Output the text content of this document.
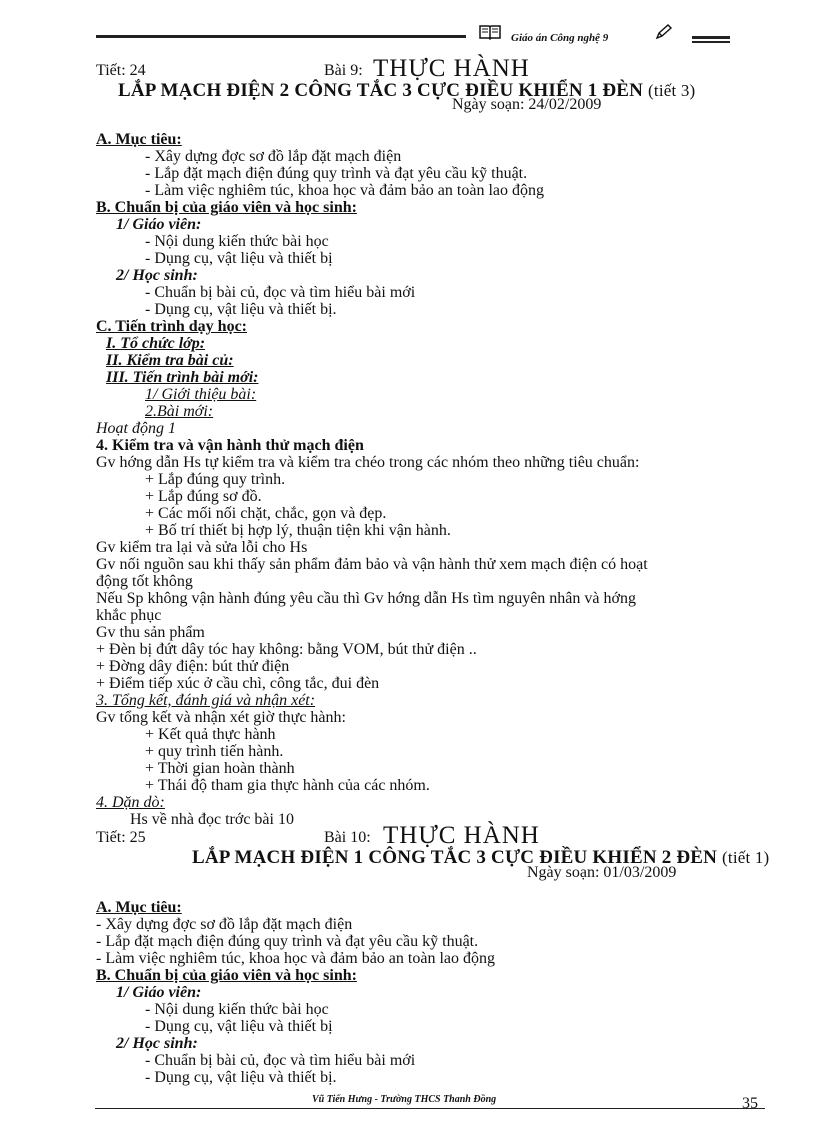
Giáo án Công nghệ 9
Tiết: 24	Bài 9: THỰC HÀNH
LẮP MẠCH ĐIỆN 2 CÔNG TẮC 3 CỰC ĐIỀU KHIỂN 1 ĐÈN (tiết 3)
Ngày soạn: 24/02/2009
A. Mục tiêu:
- Xây dựng đợc sơ đồ lắp đặt mạch điện
- Lắp đặt mạch điện đúng quy trình và đạt yêu cầu kỹ thuật.
- Làm việc nghiêm túc, khoa học và đảm bảo an toàn lao động
B. Chuẩn bị của giáo viên và học sinh:
1/ Giáo viên:
- Nội dung kiến thức bài học
- Dụng cụ, vật liệu và thiết bị
2/ Học sinh:
- Chuẩn bị bài củ, đọc và tìm hiểu bài mới
- Dụng cụ, vật liệu và thiết bị.
C. Tiến trình dạy học:
I. Tổ chức lớp:
II. Kiểm tra bài củ:
III. Tiến trình bài mới:
1/ Giới thiệu bài:
2.Bài mới:
Hoạt động 1
4. Kiểm tra và vận hành thử mạch điện
Gv hớng dẫn Hs tự kiểm tra và kiểm tra chéo trong các nhóm theo những tiêu chuẩn:
+ Lắp đúng quy trình.
+ Lắp đúng sơ đồ.
+ Các mối nối chặt, chắc, gọn và đẹp.
+ Bố trí thiết bị hợp lý, thuận tiện khi vận hành.
Gv kiểm tra lại và sửa lỗi cho Hs
Gv nối nguồn sau khi thấy sản phẩm đảm bảo và vận hành thử xem mạch điện có hoạt
động tốt không
Nếu Sp không vận hành đúng yêu cầu thì Gv hớng dẫn Hs tìm nguyên nhân và hớng
khắc phục
Gv thu sản phẩm
+ Đèn bị đứt dây tóc hay không: bằng VOM, bút thử điện ..
+ Đờng dây điện: bút thử điện
+ Điểm tiếp xúc ở cầu chì, công tắc, đui đèn
3. Tổng kết, đánh giá và nhận xét:
Gv tổng kết và nhận xét giờ thực hành:
+ Kết quả thực hành
+ quy trình tiến hành.
+ Thời gian hoàn thành
+ Thái độ tham gia thực hành của các nhóm.
4. Dặn dò:
Hs về nhà đọc trớc bài 10
Tiết: 25	Bài 10: THỰC HÀNH
LẮP MẠCH ĐIỆN 1 CÔNG TẮC 3 CỰC ĐIỀU KHIỂN 2 ĐÈN (tiết 1)
Ngày soạn: 01/03/2009
A. Mục tiêu:
- Xây dựng đợc sơ đồ lắp đặt mạch điện
- Lắp đặt mạch điện đúng quy trình và đạt yêu cầu kỹ thuật.
- Làm việc nghiêm túc, khoa học và đảm bảo an toàn lao động
B. Chuẩn bị của giáo viên và học sinh:
1/ Giáo viên:
- Nội dung kiến thức bài học
- Dụng cụ, vật liệu và thiết bị
2/ Học sinh:
- Chuẩn bị bài củ, đọc và tìm hiểu bài mới
- Dụng cụ, vật liệu và thiết bị.
Vũ Tiến Hưng - Trường THCS Thanh Đồng	35
